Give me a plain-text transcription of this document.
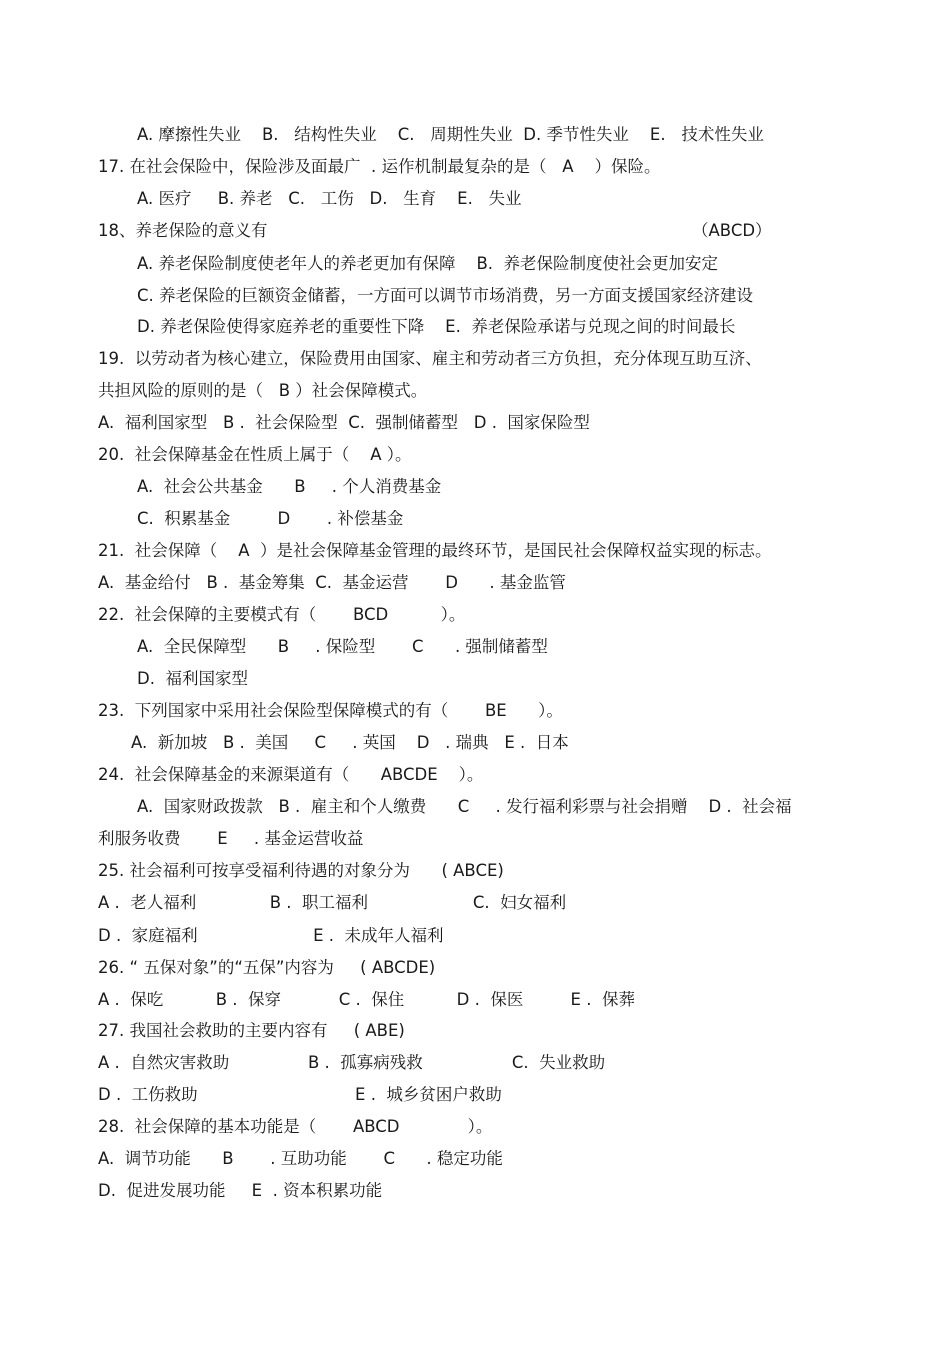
A. 摩擦性失业    B.   结构性失业    C.   周期性失业  D. 季节性失业    E.   技术性失业
17. 在社会保险中，保险涉及面最广  . 运作机制最复杂的是（   A    ）保险。
A. 医疗     B. 养老   C.   工伤   D.   生育    E.   失业
18、养老保险的意义有	（ABCD）
A. 养老保险制度使老年人的养老更加有保障    B.  养老保险制度使社会更加安定
C. 养老保险的巨额资金储蓄，一方面可以调节市场消费，另一方面支援国家经济建设
D. 养老保险使得家庭养老的重要性下降    E.  养老保险承诺与兑现之间的时间最长
19.  以劳动者为核心建立，保险费用由国家、雇主和劳动者三方负担，充分体现互助互济、
共担风险的原则的是（   B ）社会保障模式。
A.  福利国家型   B .  社会保险型  C.  强制储蓄型   D .  国家保险型
20.  社会保障基金在性质上属于（    A ）。
A.  社会公共基金      B     . 个人消费基金
C.  积累基金         D       . 补偿基金
21.  社会保障（    A  ）是社会保障基金管理的最终环节，是国民社会保障权益实现的标志。
A.  基金给付   B .  基金筹集  C.  基金运营       D      . 基金监管
22.  社会保障的主要模式有（       BCD          ）。
A.  全民保障型      B     . 保险型       C      . 强制储蓄型
D.  福利国家型
23.  下列国家中采用社会保险型保障模式的有（       BE      ）。
A.  新加坡   B .  美国     C     . 英国    D   . 瑞典   E .  日本
24.  社会保障基金的来源渠道有（      ABCDE    ）。
A.  国家财政拨款   B .  雇主和个人缴费      C     . 发行福利彩票与社会捐赠    D .  社会福
利服务收费       E     . 基金运营收益
25. 社会福利可按享受福利待遇的对象分为      ( ABCE)
A .  老人福利              B .  职工福利                    C.  妇女福利
D .  家庭福利                      E .  未成年人福利
26. “ 五保对象”的“五保”内容为     ( ABCDE)
A .  保吃          B .  保穿           C .  保住          D .  保医         E .  保葬
27. 我国社会救助的主要内容有     ( ABE)
A .  自然灾害救助               B .  孤寡病残救                 C.  失业救助
D .  工伤救助                              E .  城乡贫困户救助
28.  社会保障的基本功能是（       ABCD             ）。
A.  调节功能      B       . 互助功能       C      . 稳定功能
D.  促进发展功能     E  . 资本积累功能
